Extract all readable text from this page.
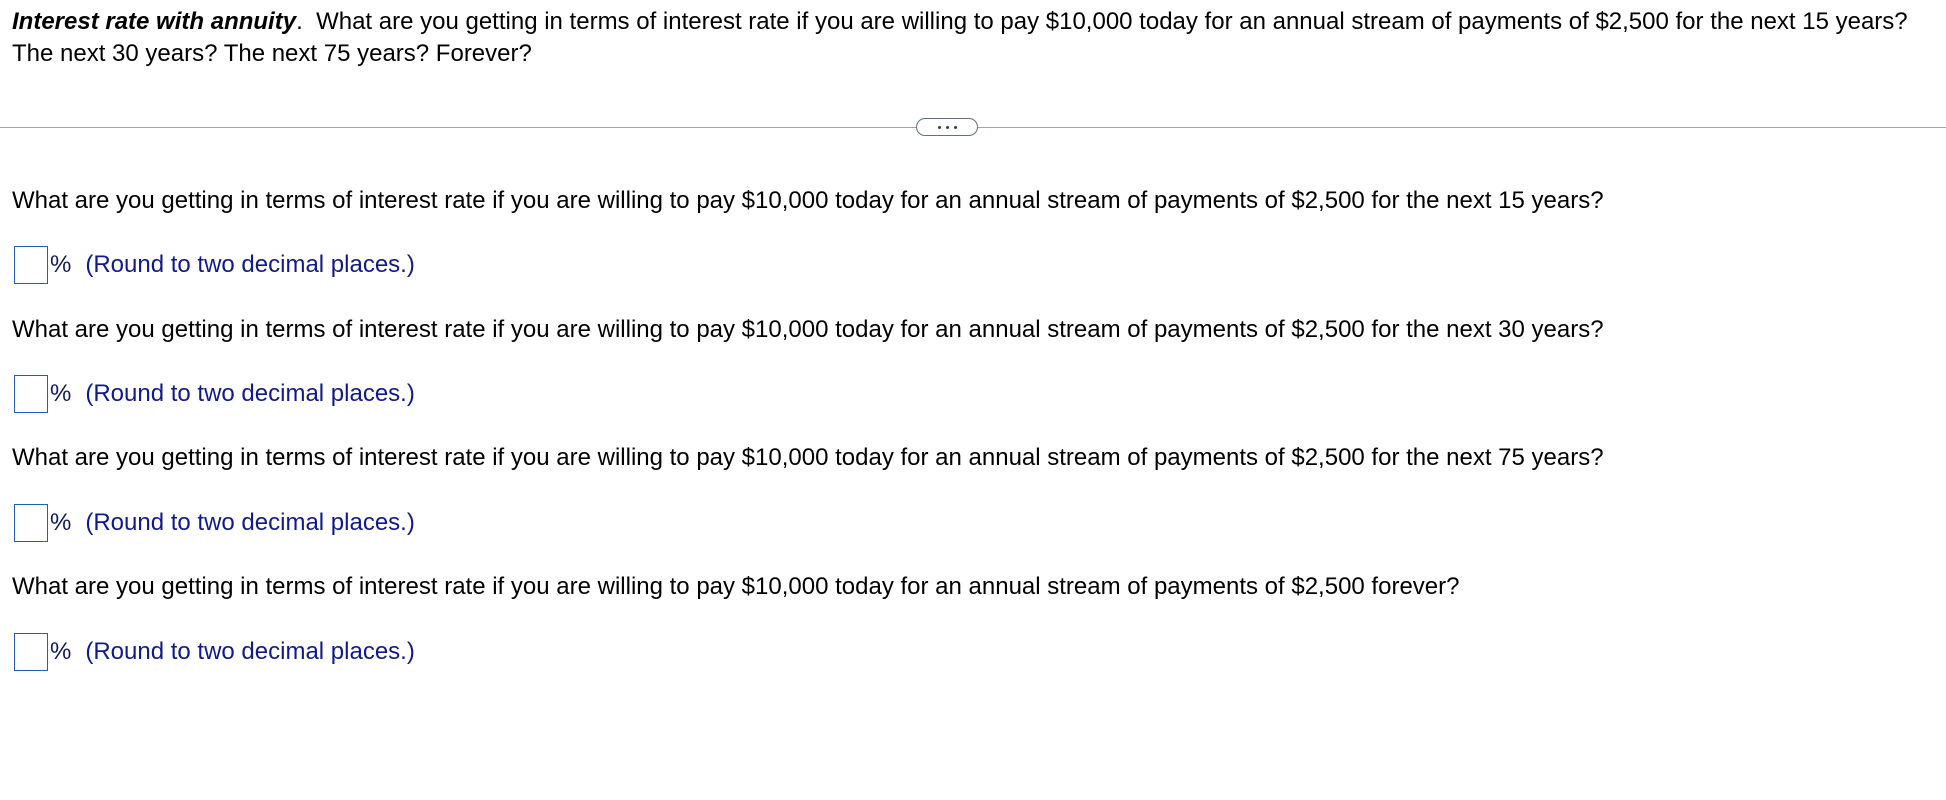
Interest rate with annuity. What are you getting in terms of interest rate if you are willing to pay $10,000 today for an annual stream of payments of $2,500 for the next 15 years? The next 30 years? The next 75 years? Forever?
What are you getting in terms of interest rate if you are willing to pay $10,000 today for an annual stream of payments of $2,500 for the next 15 years?
% (Round to two decimal places.)
What are you getting in terms of interest rate if you are willing to pay $10,000 today for an annual stream of payments of $2,500 for the next 30 years?
% (Round to two decimal places.)
What are you getting in terms of interest rate if you are willing to pay $10,000 today for an annual stream of payments of $2,500 for the next 75 years?
% (Round to two decimal places.)
What are you getting in terms of interest rate if you are willing to pay $10,000 today for an annual stream of payments of $2,500 forever?
% (Round to two decimal places.)
